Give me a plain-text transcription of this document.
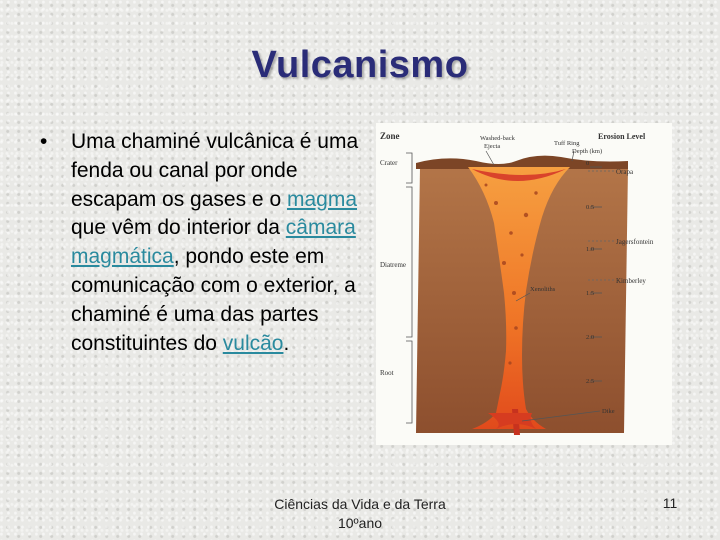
Vulcanismo
• Uma chaminé vulcânica é uma fenda ou canal por onde escapam os gases e o magma que vêm do interior da câmara magmática, pondo este em comunicação com o exterior, a chaminé é uma das partes constituintes do vulcão.
Zone
Crater
Diatreme
Root
Washed-back
Ejecta	Tuff Ring
Erosion Level
Depth (km)
0
0.5
1.0
1.5
2.0
2.5
Orapa
Jagersfontein
Kimberley
Xenoliths
Dike
Ciências da Vida e da Terra
10ºano
11
